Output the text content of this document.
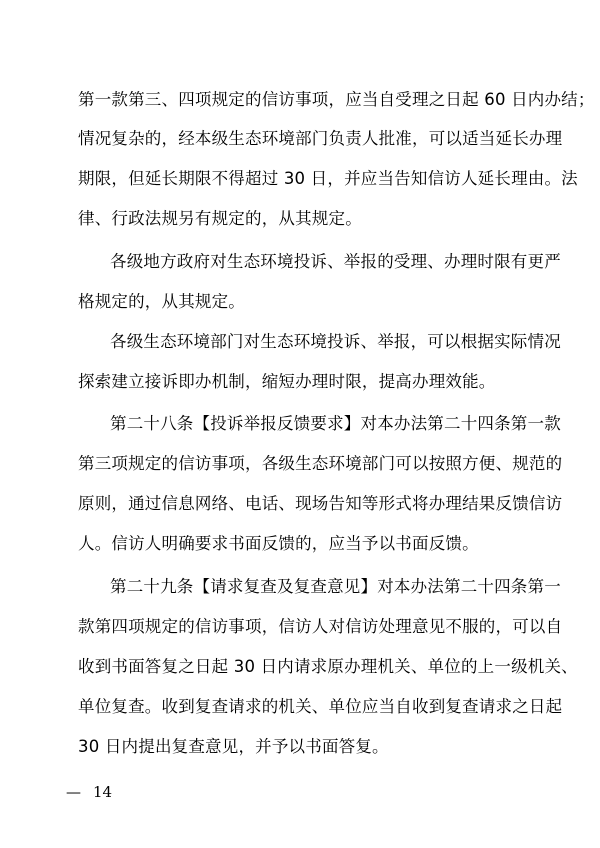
第一款第三、四项规定的信访事项，应当自受理之日起 60 日内办结；
情况复杂的，经本级生态环境部门负责人批准，可以适当延长办理
期限，但延长期限不得超过 30 日，并应当告知信访人延长理由。法
律、行政法规另有规定的，从其规定。
各级地方政府对生态环境投诉、举报的受理、办理时限有更严
格规定的，从其规定。
各级生态环境部门对生态环境投诉、举报，可以根据实际情况
探索建立接诉即办机制，缩短办理时限，提高办理效能。
第二十八条【投诉举报反馈要求】对本办法第二十四条第一款
第三项规定的信访事项，各级生态环境部门可以按照方便、规范的
原则，通过信息网络、电话、现场告知等形式将办理结果反馈信访
人。信访人明确要求书面反馈的，应当予以书面反馈。
第二十九条【请求复查及复查意见】对本办法第二十四条第一
款第四项规定的信访事项，信访人对信访处理意见不服的，可以自
收到书面答复之日起 30 日内请求原办理机关、单位的上一级机关、
单位复查。收到复查请求的机关、单位应当自收到复查请求之日起
30 日内提出复查意见，并予以书面答复。
— 14
